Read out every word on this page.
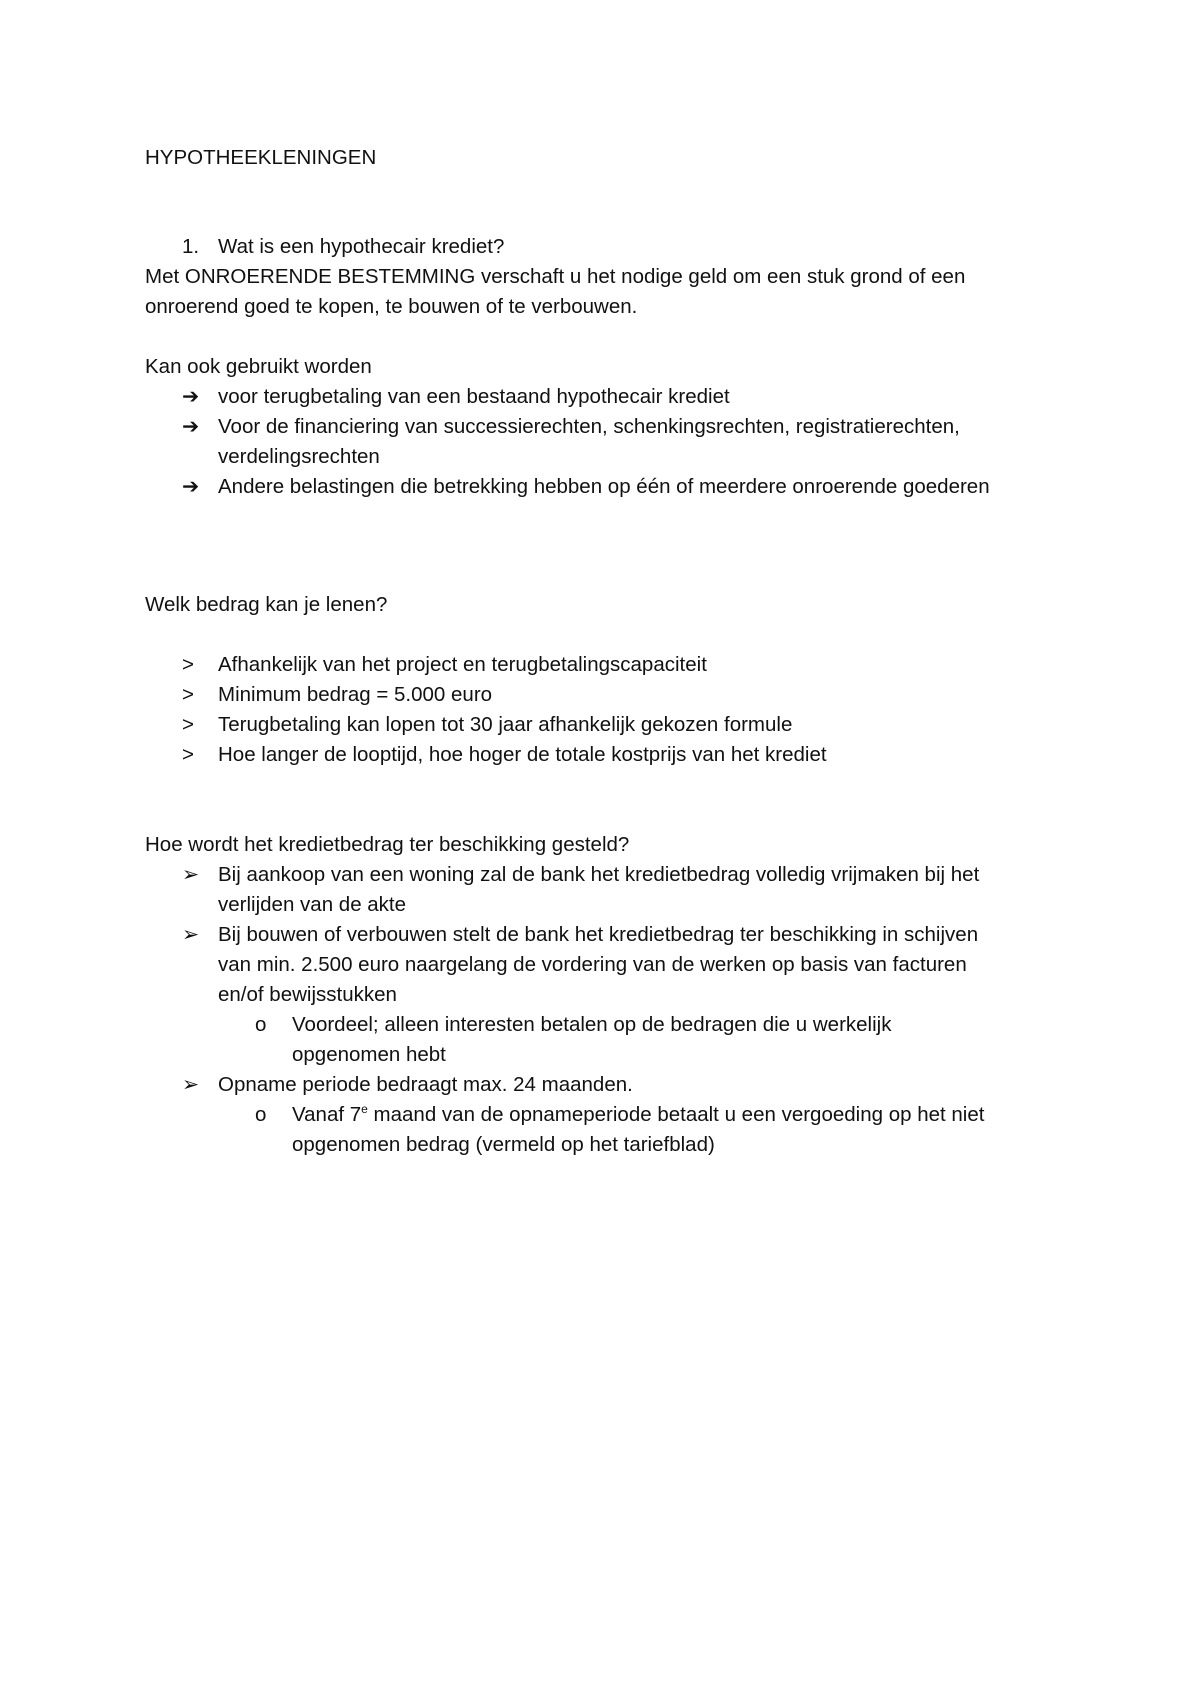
HYPOTHEEKLENINGEN
1. Wat is een hypothecair krediet?
Met ONROERENDE BESTEMMING verschaft u het nodige geld om een stuk grond of een
onroerend goed te kopen, te bouwen of te verbouwen.
Kan ook gebruikt worden
➔ voor terugbetaling van een bestaand hypothecair krediet
➔ Voor de financiering van successierechten, schenkingsrechten, registratierechten,
verdelingsrechten
➔ Andere belastingen die betrekking hebben op één of meerdere onroerende goederen
Welk bedrag kan je lenen?
> Afhankelijk van het project en terugbetalingscapaciteit
> Minimum bedrag = 5.000 euro
> Terugbetaling kan lopen tot 30 jaar afhankelijk gekozen formule
> Hoe langer de looptijd, hoe hoger de totale kostprijs van het krediet
Hoe wordt het kredietbedrag ter beschikking gesteld?
➢ Bij aankoop van een woning zal de bank het kredietbedrag volledig vrijmaken bij het
verlijden van de akte
➢ Bij bouwen of verbouwen stelt de bank het kredietbedrag ter beschikking in schijven
van min. 2.500 euro naargelang de vordering van de werken op basis van facturen
en/of bewijsstukken
o Voordeel; alleen interesten betalen op de bedragen die u werkelijk
opgenomen hebt
➢ Opname periode bedraagt max. 24 maanden.
o Vanaf 7e maand van de opnameperiode betaalt u een vergoeding op het niet
opgenomen bedrag (vermeld op het tariefblad)
